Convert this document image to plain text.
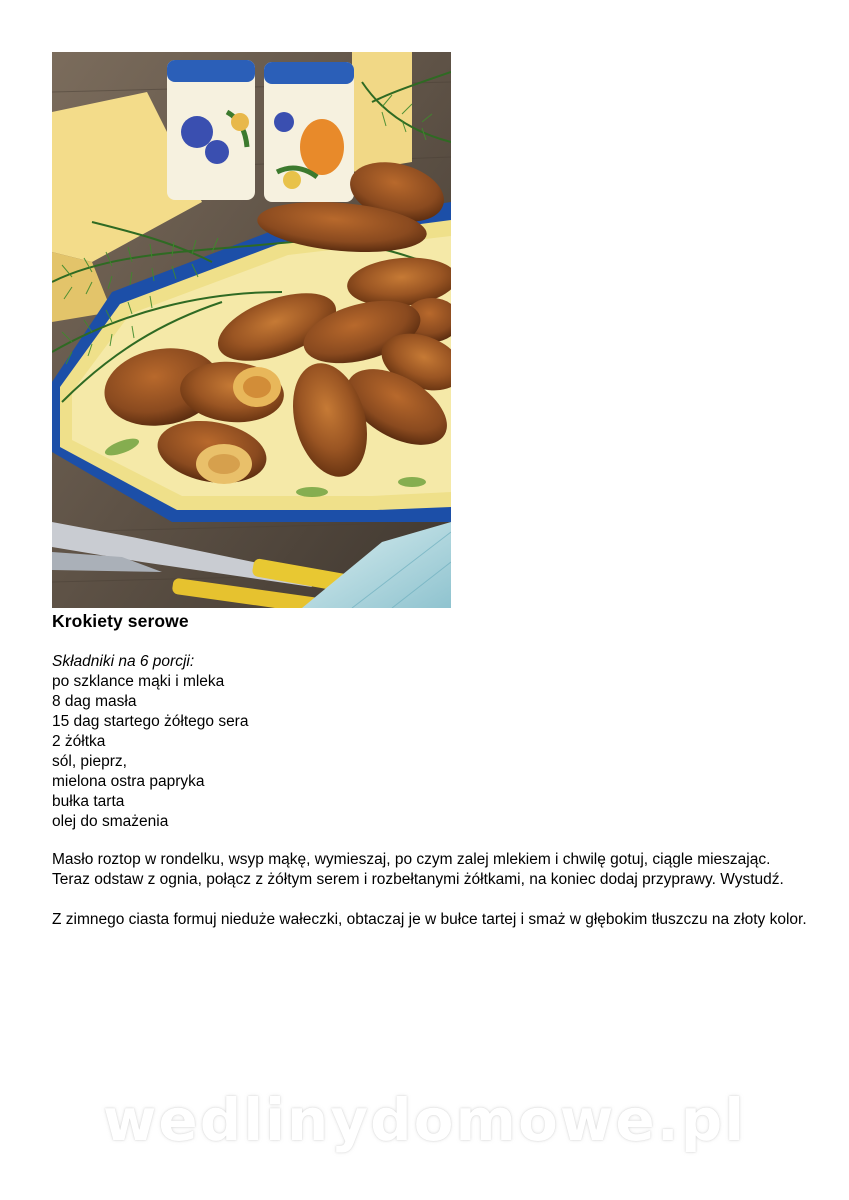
Krokiety serowe
Składniki na 6 porcji:
po szklance mąki i mleka
8 dag masła
15 dag startego żółtego sera
2 żółtka
sól, pieprz,
mielona ostra papryka
bułka tarta
olej do smażenia

Masło roztop w rondelku, wsyp mąkę, wymieszaj, po czym zalej mlekiem i chwilę gotuj, ciągle mieszając. Teraz odstaw z ognia, połącz z żółtym serem i rozbełtanymi żółtkami, na koniec dodaj przyprawy. Wystudź.

Z zimnego ciasta formuj nieduże wałeczki, obtaczaj je w bułce tartej i smaż w głębokim tłuszczu na złoty kolor.

wedlinydomowe.pl
